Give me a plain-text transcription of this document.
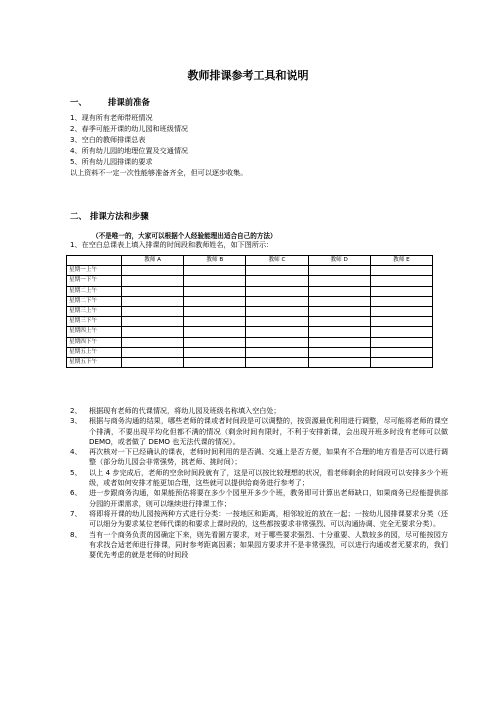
教师排课参考工具和说明
一、	排课前准备
1、现有所有老师带班情况
2、春季可能开课的幼儿园和班级情况
3、空白的教师排课总表
4、所有幼儿园的地理位置及交通情况
5、所有幼儿园排课的要求
以上资料不一定一次性能够准备齐全，但可以逐步收集。
二、 排课方法和步骤
（不是唯一的，大家可以根据个人经验能理出适合自己的方法）
1、在空白总课表上填入排课的时间段和教师姓名，如下图所示：
	教师 A	教师 B	教师 C	教师 D	教师 E
星期一上午					
星期一下午					
星期二上午					
星期二下午					
星期三上午					
星期三下午					
星期四上午					
星期四下午					
星期五上午					
星期五下午					
2、 根据现有老师的代课情况，将幼儿园及班级名称填入空白处；
3、 根据与商务沟通的结果，哪些老师的课或者时间段是可以调整的，按资源最优利用进行调整，尽可能将老师的课空个排满，不要出现平均化但都不满的情况（剩余时间有限时，不利于安排新课，会出现开班多时没有老师可以做 DEMO，或者做了 DEMO 也无法代课的情况）。
4、 再次核对一下已经确认的课表，老师时间利用的是否满、交通上是否方便，如果有不合理的地方看是否可以进行调整（部分幼儿园会非常强势，挑老师、挑时间）；
5、 以上 4 步完成后，老师的空余时间段就有了，这是可以按比较理想的状况，看老师剩余的时间段可以安排多少个班级，或者如何安排才能更加合理，这些就可以提供给商务进行参考了；
6、 进一步跟商务沟通，如果能预估将要在多少个园里开多少个班，教务即可计算出老师缺口，如果商务已经能提供部分园的开课需求，则可以继续进行排课工作；
7、 将即将开课的幼儿园按两种方式进行分类：一按地区和距离，相邻较近的放在一起；一按幼儿园排课要求分类（还可以细分为要求某位老师代课的和要求上课时段的，这些都按要求非常强烈、可以沟通协调、完全无要求分类）。
8、 当有一个商务负责的园确定下来，则先看園方要求，对于哪些要求强烈、十分重要、人数较多的园，尽可能按园方有求找合适老师进行排课，同时参考距离因素；如果园方要求并不是非常强烈，可以进行沟通或者无要求的，我们要优先考虑的就是老师的时间段
